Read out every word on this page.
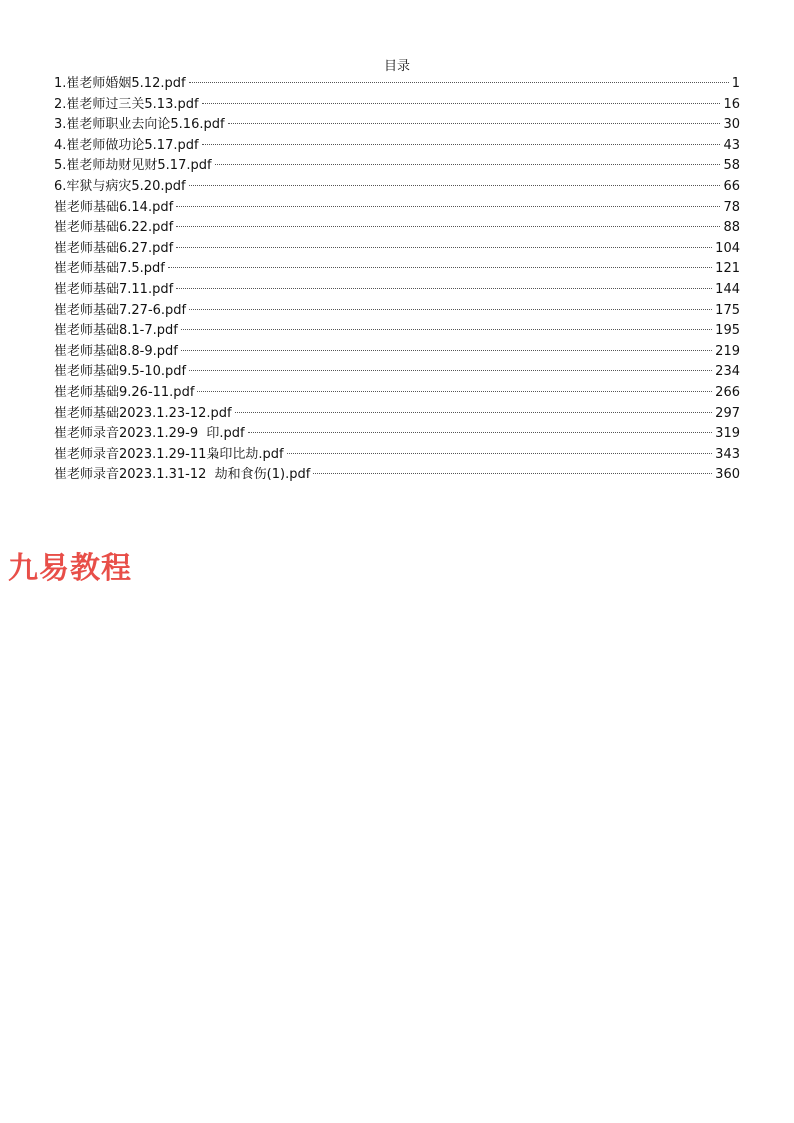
目录
1.崔老师婚姻5.12.pdf	1
2.崔老师过三关5.13.pdf	16
3.崔老师职业去向论5.16.pdf	30
4.崔老师做功论5.17.pdf	43
5.崔老师劫财见财5.17.pdf	58
6.牢狱与病灾5.20.pdf	66
崔老师基础6.14.pdf	78
崔老师基础6.22.pdf	88
崔老师基础6.27.pdf	104
崔老师基础7.5.pdf	121
崔老师基础7.11.pdf	144
崔老师基础7.27-6.pdf	175
崔老师基础8.1-7.pdf	195
崔老师基础8.8-9.pdf	219
崔老师基础9.5-10.pdf	234
崔老师基础9.26-11.pdf	266
崔老师基础2023.1.23-12.pdf	297
崔老师录音2023.1.29-9  印.pdf	319
崔老师录音2023.1.29-11枭印比劫.pdf	343
崔老师录音2023.1.31-12  劫和食伤(1).pdf	360
九易教程
